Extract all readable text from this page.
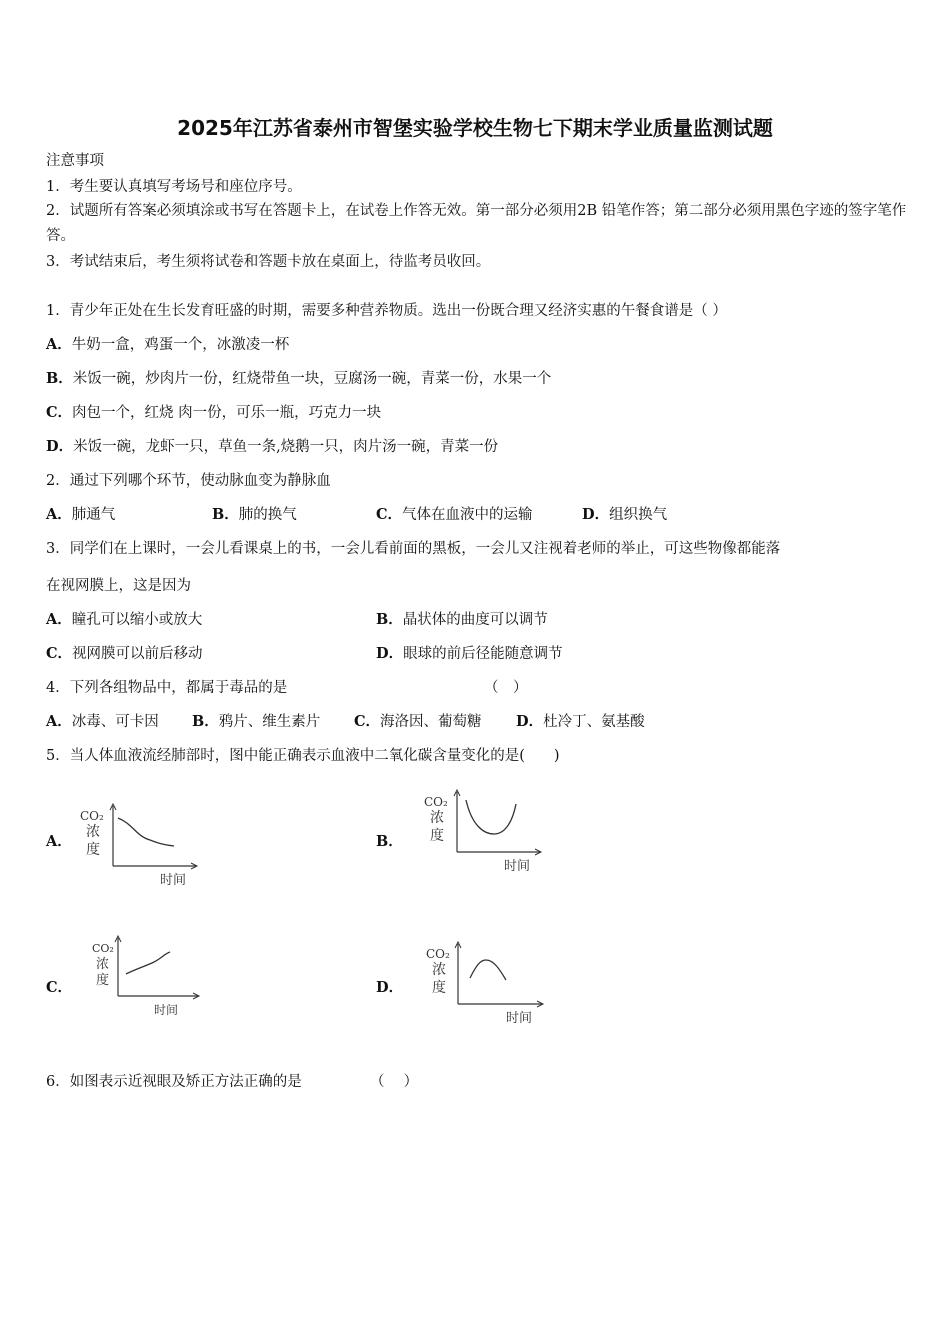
2025年江苏省泰州市智堡实验学校生物七下期末学业质量监测试题
注意事项
1．考生要认真填写考场号和座位序号。
2．试题所有答案必须填涂或书写在答题卡上，在试卷上作答无效。第一部分必须用2B 铅笔作答；第二部分必须用黑色字迹的签字笔作答。
3．考试结束后，考生须将试卷和答题卡放在桌面上，待监考员收回。
1．青少年正处在生长发育旺盛的时期，需要多种营养物质。选出一份既合理又经济实惠的午餐食谱是（ ）
A．牛奶一盒，鸡蛋一个，冰激凌一杯
B．米饭一碗，炒肉片一份，红烧带鱼一块，豆腐汤一碗，青菜一份，水果一个
C．肉包一个，红烧 肉一份，可乐一瓶，巧克力一块
D．米饭一碗，龙虾一只，草鱼一条,烧鹅一只，肉片汤一碗，青菜一份
2．通过下列哪个环节，使动脉血变为静脉血
A．肺通气	B．肺的换气	C．气体在血液中的运输	D．组织换气
3．同学们在上课时，一会儿看课桌上的书，一会儿看前面的黑板，一会儿又注视着老师的举止，可这些物像都能落
在视网膜上，这是因为
A．瞳孔可以缩小或放大	B．晶状体的曲度可以调节
C．视网膜可以前后移动	D．眼球的前后径能随意调节
4．下列各组物品中，都属于毒品的是	（　）
A．冰毒、可卡因 B．鸦片、维生素片 C．海洛因、葡萄糖 D．杜冷丁、氨基酸
5．当人体血液流经肺部时，图中能正确表示血液中二氧化碳含量变化的是(　　)
A．
CO₂
浓
度
时间
B．
CO₂
浓
度
时间
C．
CO₂
浓
度
时间
D．
CO₂
浓
度
时间
6．如图表示近视眼及矫正方法正确的是	（　 ）
